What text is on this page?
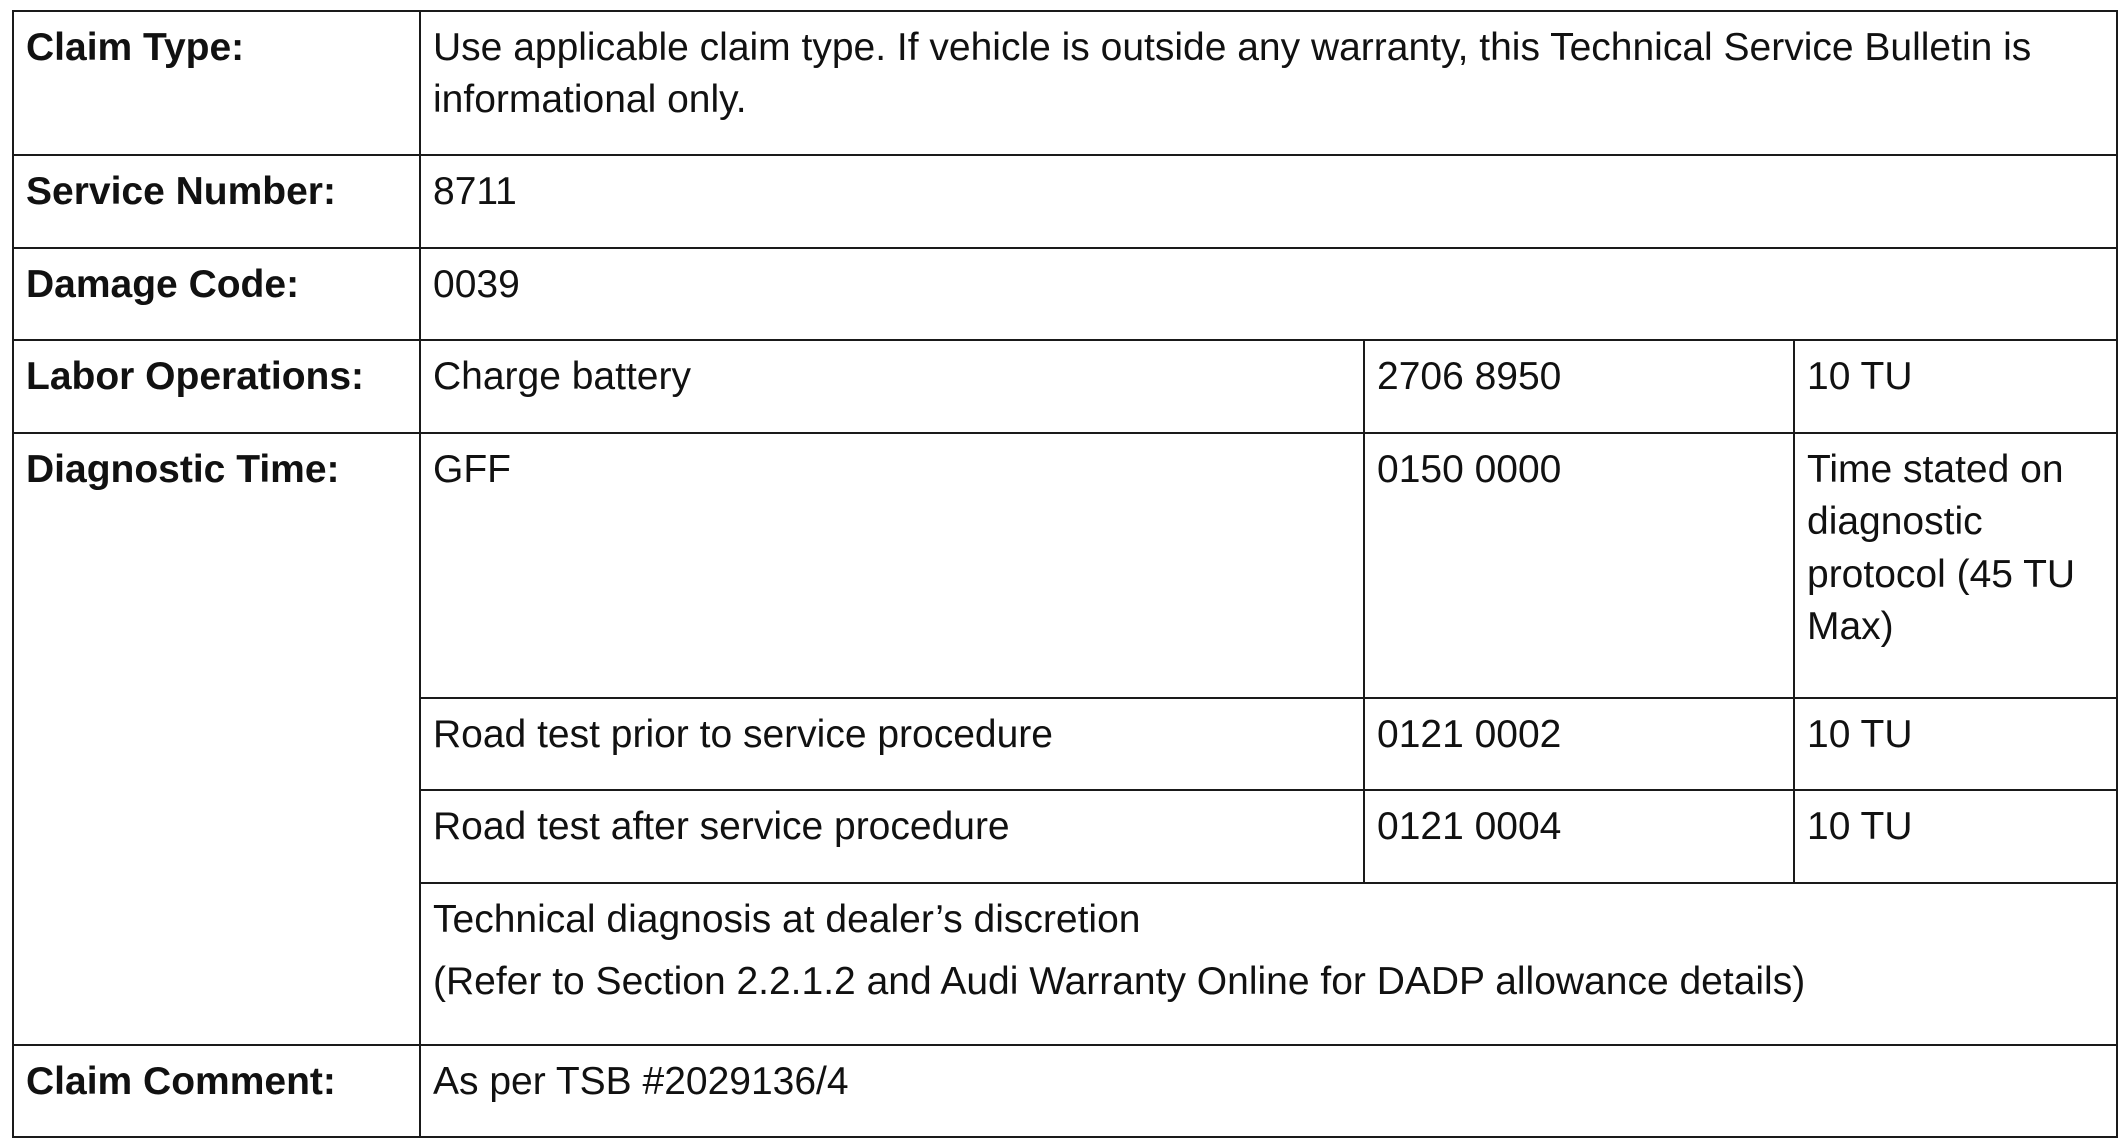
Claim Type:	Use applicable claim type. If vehicle is outside any warranty, this Technical Service Bulletin is informational only.		
Service Number:	8711		
Damage Code:	0039		
Labor Operations:	Charge battery	2706 8950	10 TU
Diagnostic Time:	GFF	0150 0000	Time stated on diagnostic protocol (45 TU Max)
	Road test prior to service procedure	0121 0002	10 TU
	Road test after service procedure	0121 0004	10 TU

	Technical diagnosis at dealer’s discretion
(Refer to Section 2.2.1.2 and Audi Warranty Online for DADP allowance details)		

Claim Comment:	As per TSB #2029136/4		
